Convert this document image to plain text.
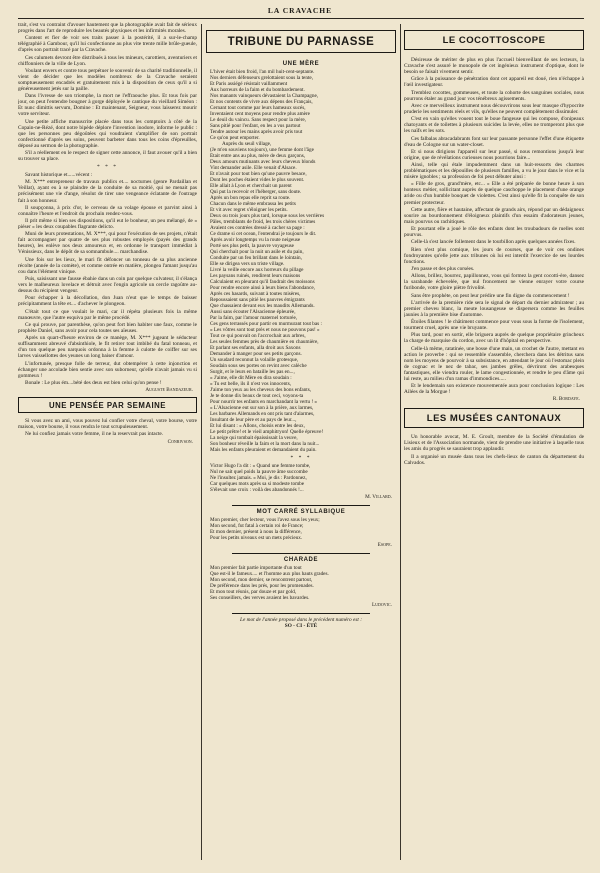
LA CRAVACHE

trait, s'est vu contraint d'avouer hautement que la photographie avait fait de sérieux progrès dans l'art de reproduire les beautés physiques et les infirmités morales.

Content et fier de voir ses traits passer à la postérité, il a sur-le-champ télégraphié à Gambour, qu'il lui confectionne au plus vite trente mille brûle-gueule, d'après son portrait tracé par la Cravache.

Ces calumets devront être distribués à tous les mineurs, carottiers, aventuriers et chiffonniers de la ville de Lyon.

Voulant envers et contre tous perpétuer le souvenir de sa charité traditionnelle, il vient de décider que les modèles nombreux de la Cravache seraient somptueusement encadrés et gratuitement mis à la disposition de ceux qu'il a si généreusement jetés sur la paille.

Dans l'ivresse de son triomphe, la mort ne l'effraouche plus. Et tous fois par jour, on peut l'entendre bougner à gorge déployée le cantique du vieillard Siméon : Et nunc dimittis servum, Domine : Et maintenant, Seigneur, vous laisserez mourir votre serviteur.

Une petite affiche manuscrite placée dans tous les comptoirs à côté de la Copain-ne-Rézé, dont notre bipède déplore l'invention inodore, informe le public : que les personnes peu dégoûtées qui voudraient s'amplifier de son portrait confectionné d'après ses soins, peuvent barbeter dans tous les coins d'épreuilles, déposé au sermon de la photographie.

S'il a réellement en le respect de signer cette annonce, il faut avouer qu'il a bien su trouver sa place.

* * *

Savant historique et......vécent :

M. X*** entrepreneur de travaux publics et.... nocturnes (genre Pardaillan et Veillat), ayant eu à se plaindre de la conduite de sa moitié, qui ne menait pas précisément une vie d'ange, résolut de tirer une vengeance éclatante de l'outrage fait à son honneur.

Il soupçonna, à prix d'or, le cerveau de sa volage épouse et parvint ainsi à connaître l'heure et l'endroit du prochain rendez-vous.

Il prit même si bien ses dispositions, qu'il eut le bonheur, un peu mélangé, de « piéser » les deux coupables flagrante delicto.

Muni de leurs protestations, M. X***, qui pour l'exécution de ses projets, n'était fait accompagner par quatre de ses plus robustes employés (payés des grands heures), les enlève nos deux amoureux et, en ordonne le transport immédiat à Vénissieux, dans le dépôt de sa somnambule.... marchandise.

Une fois sur les lieux, le mari fit défoncer un tonneau de sa plus ancienne récolte (année de la comète), et comme ontrée en matière, plongea l'amant jusqu'au cou dans l'élément vinique.

Puis, saisissant une fausse ébahie dans un coin par quelque culvateur, il s'élança vers le malheureux lovelace et détruit avec l'engin agricole un cercle ragoûtre au-dessus du récipient vengeur.

Pour échapper à la décollation, don Juan n'eut que le temps de baisser précipitamment la tête et.... d'achever le plongeon.

C'était tout ce que voulait le mari, car il répéta plusieurs fois la même manœuvre, que l'autre esquiva par le même procédé.

Ce qui prouve, par parenthèse, qu'on peut fort bien habiter une faux, comme le prophète Daniel, sans avoir pour cela toutes ses aïeuses.

Après un quart-d'heure environ de ce manège, M. X*** jugeant le séducteur suffisamment abreuvé d'absinthiole, le fit retirer tout imbibé du fatal tonneau, et d'un ton quelque peu narquois ordonna à la femme à culotte de coiffer sur ses larves vaissellottes des yeunes un long baiser d'amour.

L'infortunée, presque folle de terreur, dut obtempérer à cette injonction et échanger une accolade bien sentie avec son suborneur, qu'elle n'avait jamais vu si gommeux !

Bonale : Le plus ém....bété des deux est bien celui qu'on pense !

Auguste Bandazeur.
UNE PENSÉE PAR SEMAINE

Si vous avez un ami, vous pouvez lui confier votre cheval, votre bourse, votre maison, votre bourse, il vous rendra le tout scrupuleusement.

Ne lui confiez jamais votre femme, il ne la reservrait pas intacte.

Conrivson.
TRIBUNE DU PARNASSE
UNE MÈRE
L'hiver était bien froid, l'an mil huit-cent-septante.
Nos derniers défenseurs grelottaient sous la tente,
Et Paris assiégé résistait vaillamment
Aux horreurs de la faim et du bombardement.
Nos manants vainqueurs dévastaient la Champagne,
Et nos contents de vivre aux dépens des Français,
Cernant tout comme par leurs hameaux sucés,
Inventaient cent moyens pour rendre plus amère
Le deuil du vaincu. Sans respect pour la mère,
Sans pitié pour l'enfant, en les a vus partout
Tendre autour les mains après avoir pris tout
Ce qu'on peut emporter.
Auprès du seuil village,
(Je m'en souviens toujours), une femme dont l'âge
Était entre ans au plus, mère de deux garçons,
Deux amours mutinants avec leurs cheveux blonds
Vint demander asile. Elle venait d'Alsace.
Et n'avait pour tout bien qu'une pauvre besace,
Dont les poches étaient vides le plus souvent.
Elle allait à Lyon et cherchait un parent
Qui put la recevoir et l'héberger, sans doute.
Après un bon repas elle reprit sa route.
Chacun dans le même embrassa les petits
Et vit avec regret s'éloigner les petits.
Deux ou trois jours plus tard, lorsque sous les verrières
Pâles, tremblants de froid, les trois chères victimes
Avaient ces contrées dressé à cacher sa page :
Ce drame si cet ocean, l'entendrai je toujours le dit.
Après avoir longtemps vu la route neigeuse
Porté ses plus petit, la pauvre voyageuse
Qui cherchait pour la nuit un asile et du pain,
Conduite par un feu brillant dans le lointain,
Elle se dirigea vers un triste village.
Livré la veille encore aux horreurs du pillage
Les paysans ruinés, rendirent leurs maisons
Calculaient en pleurant qu'il faudrait des moissons
Pour rendre encore ainsi à leurs biens l'abondance,
Après ces hasards, suivant à toutes misères,
Repoussaient sans pitié les pauvres émigrants
Que chassaient devant eux les maudits Allemands.
Aussi sans écouter l'Alsacienne épleurée,
Par la faim, par l'amour maternel torturée,
Ces gens terrassés pour partir en murmurant tout bas :
« Les vôtres sont tout près et nous ne pouvons pas! »
Tout ce qui pouvait on l'accrochait aux arbres,
Les seules femmes près de chaumière en chaumière,
Et parlant ses enfants, alla droit aux Saxons
Demander à manger pour ses petits garçons.
Un soudard reconnut la volaille grotesque,
Soudain sous ses portes on revint avec calèche
Surgit, et le leurs en bataille les pas en...,
« J'aime, elle dit Mère en dira soudain :
« Tu est belle, ils il n'est vos innocents,
J'aime ton yeux au les cheveux des bons enfants,
Je te donne dix beaux de tout ceci, voyons-ta
Pour nourrir tes enfants en marchandant la vertu ! »
« L'Alsacienne eut sur son à la prière, aux larmes,
Les barbares Allemands en ont pris tant d'alarmes,
Insultant de leur père et au pays de leur...,
Et lui disant : « Allons, choisis entre les deux,
Le petit prêtre! et le vieil amphitryon! Quelle épreuve!
La neige qui tombait épaississait la veuve,
Son bonheur réveille la faim et la mort dans la nuit...
Mais les enfants pleuraient et demandaient du pain.
* * *
Victor Hugo l'a dit : « Quand une femme tombe,
Nul ne sait quel poids la pauvre âme succombe
Ne l'insultez jamais. » Moi, je dis : Pardonnez,
Car quelques mots après sa si modeste tombe
S'élevait une croix : voilà des abandonnés !...
M. Villard.
MOT CARRÉ SYLLABIQUE
Mon premier, cher lecteur, vous l'avez sous les yeux;
Mon second, fut fatal à certain roi de France;
Et mon dernier, présent à nous la différence,
Pour les petits niveaux est un mets précieux.
Esope.
CHARADE
Mon premier fait partie importante d'un tout
Que est-il le fameux.... et l'homme aux plus hauts grades.
Mon second, mon dernier, se rencontrent partout,
De préférence dans les prés, pour les promenades.
Et mon tout réunis, par douze et par gold,
Ses conseillers, des verves avaient les bavardes.
Ludovic.
Le mot de l'année proposé dans le précédent numéro est :
SO - CI - ÉTÉ
LE COCOTTOSCOPE

Désireuse de mériter de plus en plus l'accueil bienveillant de ses lecteurs, la Cravache s'est assuré le monopole de cet ingénieux instrument d'optique, dont le besoin se faisait vivement sentir.

Grâce à la puissance de pénétration dont cet appareil est doué, rien n'échappe à l'œil investigateur.

Tremblez cocottes, gommeuses, et toute la cohorte des sanguines sociales, nous pourrons étaler au grand jour vos ténébreux agissements.

Avec ce merveilleux instrument nous découvrirons sous leur masque d'hypocrite pruderie les sentiments réels et vils, qu'elles ne peuvent complètement dissimuler.

C'est en vain qu'elles vouent tout le boue fangeuse qui les compose, d'onipeaux chatoyants et de toilettes à plusieurs suicides la levée, elles ne tromperont plus que les naïfs et les sots.

Ces falbalas abracadabrants font sur leur passante personne l'effet d'une étiquette d'eau de Cologne sur un water-closet.

Et si nous dirigions l'appareil sur leur passé, si nous remontions jusqu'à leur origine, que de révélations curieuses nous pourrions faire...

Ainsi, telle qui étale impudemment dans un huit-ressorts des charmes problématiques et les dépouilles de plusieurs familles, a vu le jour dans le vice et la misère ignobles ; sa profession de foi peut débuter ainsi :

« Fille de gros, grand'mère, etc... » Elle a été préparée de bonne heure à son honteux métier, sollicitant auprès de quelque caschoppe le placement d'une orange aride ou d'un humble bouquet de violettes. C'est ainsi qu'elle fit la conquête de son premier protecteur.

Cette autre, fière et hautaine, affectant de grands airs, répond par un dédaigneux sourire au bourdonnement d'éloigneux plaintifs d'un essaim d'adorateurs jeunes, mais pourvus ou rachitiques.

Et pourtant elle a joué le rôle des enfants dont les troubadours de ruelles sont pourvus.

Celle-là s'est lancée follement dans le tourbillon après quelques années fixes.

Rien n'est plus comique, les jours de courses, que de voir ces ondines fondroyantes qu'elle jette aux tribunes où lui est interdit l'exercice de ses lourdes fonctions.

J'en passe et des plus corsées.

Allons, brillez, bourrez, papillonnez, vous qui formez la gent cocotti-ère, dansez la sarabande échevelée, que nul froncement ne vienne enrayer votre course furibonde, votre gloire piètre frivolité.

Sans être prophète, on peut leur prédire une fin digne du commencement !

L'arrivée de la première ride sera le signal de départ du dernier admirateur ; au premier cheveu blanc, la meute lousangeuse se dispersera comme les feuilles jaunies à la première bise d'automne.

Étoiles filantes ! le châtiment commence pour vous sous la forme de l'isolement, tourment cruel, après une vie bruyante.

Plus tard, pour en sortir, elle briguera auprès de quelque propriétaire grincheux la charge de marquise du cordon, avec un lit d'hôpital en perspective.

Celle-là même, ratatinée, une bosse d'une main, un crochet de l'autre, mettant en action le proverbe : qui se ressemble s'assemble, cherchera dans les détritus sans nom les moyens de pourvoir à sa subsistance, en attendant le jour où l'estomac plein de cognac et le nez de tabac, ses jambes grêles, dévriront des arabesques fantastiques, elle viendra rouler, le lame congestionnée, et rendre le peu d'âme qui lui reste, au milieu d'un ramas d'immondices.....

Et le lendemain son existence mouvementée aura pour conclusion logique : Les Ailées de la Morgue !

R. Bordaye.
LES MUSÉES CANTONAUX

Un honorable avocat, M. E. Groult, membre de la Société d'émulation de Lisieux et de l'Association normande, vient de prendre une initiative à laquelle tous les amis du progrès se sauraient trop applaudir.

Il a organisé un musée dans tous les chefs-lieux de canton du département du Calvados.
